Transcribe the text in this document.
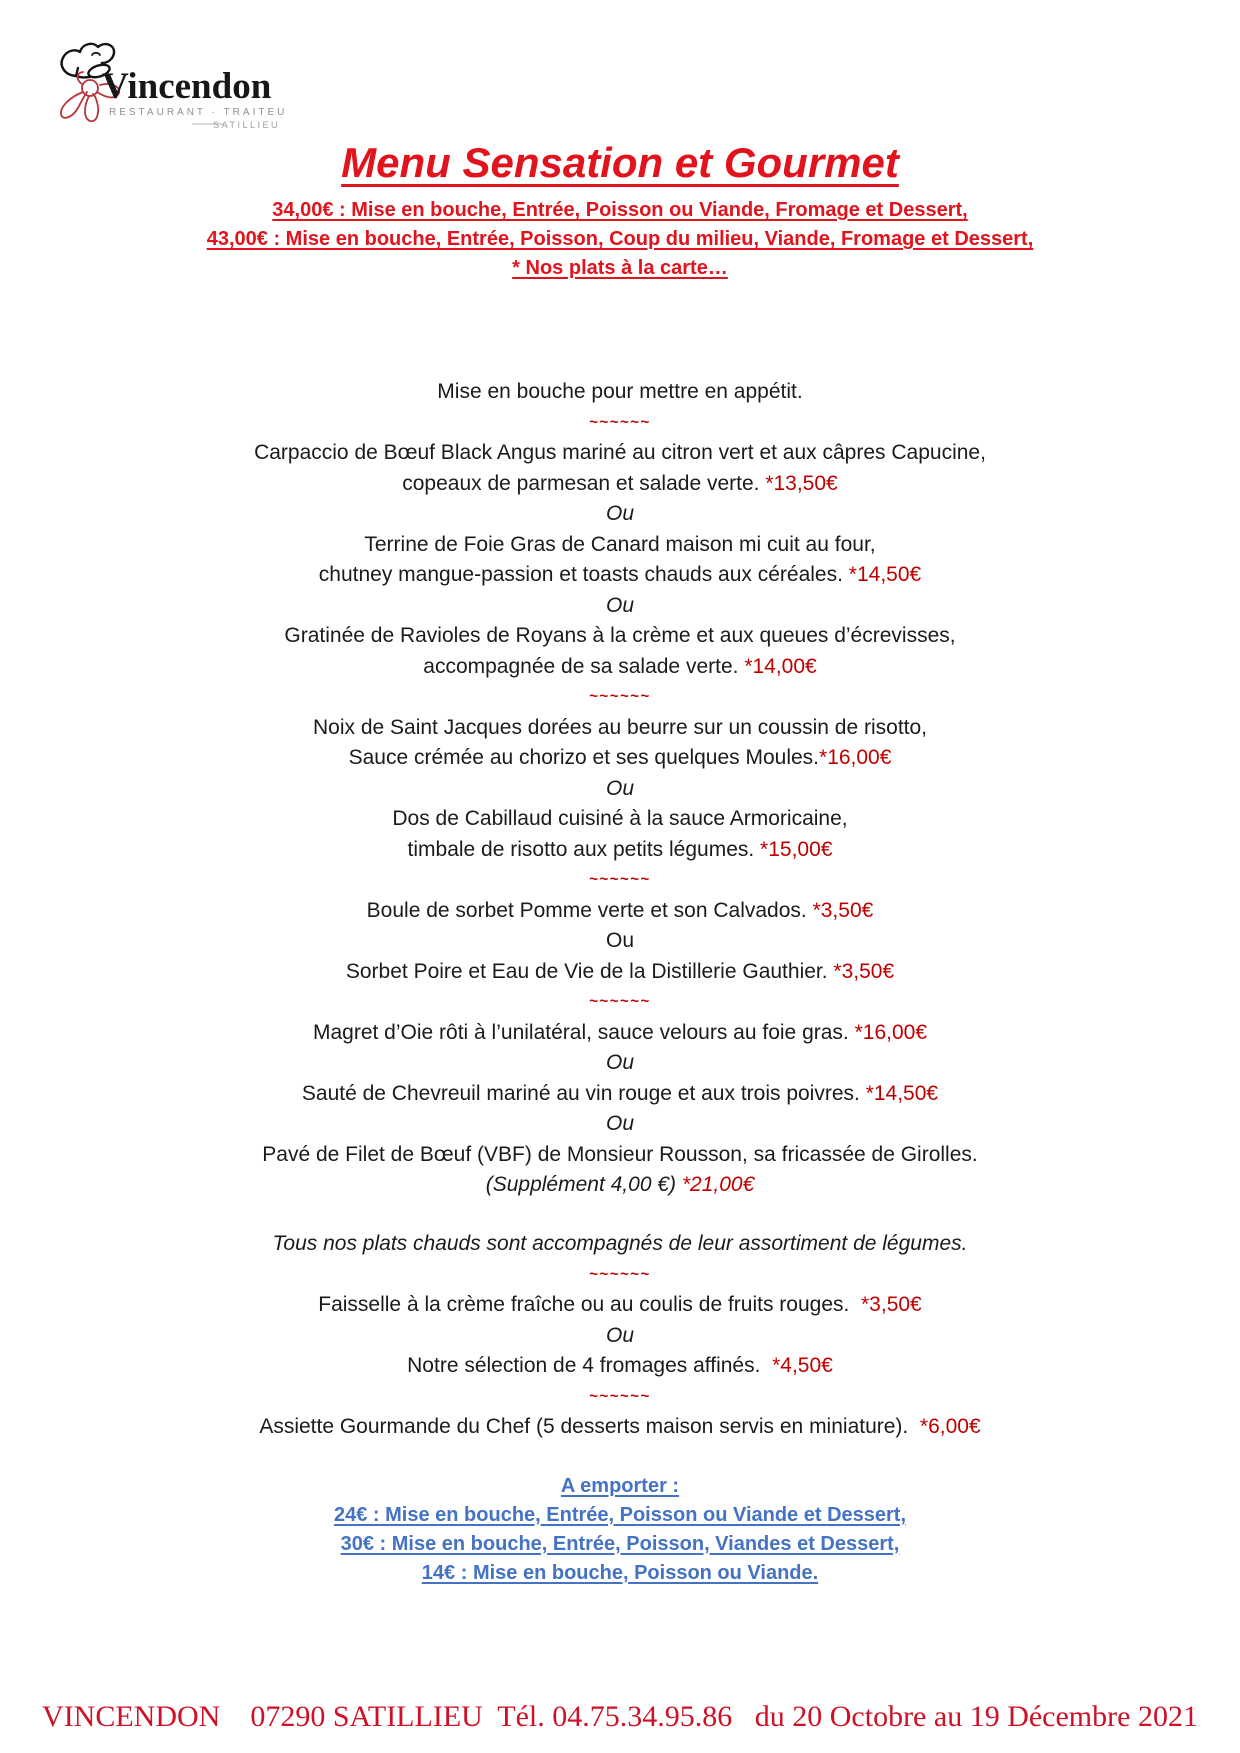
Vincendon
RESTAURANT · TRAITEUR
SATILLIEU
Menu Sensation et Gourmet
34,00€ : Mise en bouche, Entrée, Poisson ou Viande, Fromage et Dessert,
43,00€ : Mise en bouche, Entrée, Poisson, Coup du milieu, Viande, Fromage et Dessert,
* Nos plats à la carte…
Mise en bouche pour mettre en appétit.
~~~~~~
Carpaccio de Bœuf Black Angus mariné au citron vert et aux câpres Capucine,
copeaux de parmesan et salade verte. *13,50€
Ou
Terrine de Foie Gras de Canard maison mi cuit au four,
chutney mangue-passion et toasts chauds aux céréales. *14,50€
Ou
Gratinée de Ravioles de Royans à la crème et aux queues d’écrevisses,
accompagnée de sa salade verte. *14,00€
~~~~~~
Noix de Saint Jacques dorées au beurre sur un coussin de risotto,
Sauce crémée au chorizo et ses quelques Moules.*16,00€
Ou
Dos de Cabillaud cuisiné à la sauce Armoricaine,
timbale de risotto aux petits légumes. *15,00€
~~~~~~
Boule de sorbet Pomme verte et son Calvados. *3,50€
Ou
Sorbet Poire et Eau de Vie de la Distillerie Gauthier. *3,50€
~~~~~~
Magret d’Oie rôti à l’unilatéral, sauce velours au foie gras. *16,00€
Ou
Sauté de Chevreuil mariné au vin rouge et aux trois poivres. *14,50€
Ou
Pavé de Filet de Bœuf (VBF) de Monsieur Rousson, sa fricassée de Girolles.
(Supplément 4,00 €) *21,00€
Tous nos plats chauds sont accompagnés de leur assortiment de légumes.
~~~~~~
Faisselle à la crème fraîche ou au coulis de fruits rouges.  *3,50€
Ou
Notre sélection de 4 fromages affinés.  *4,50€
~~~~~~
Assiette Gourmande du Chef (5 desserts maison servis en miniature).  *6,00€
A emporter :
24€ : Mise en bouche, Entrée, Poisson ou Viande et Dessert,
30€ : Mise en bouche, Entrée, Poisson, Viandes et Dessert,
14€ : Mise en bouche, Poisson ou Viande.
VINCENDON    07290 SATILLIEU  Tél. 04.75.34.95.86   du 20 Octobre au 19 Décembre 2021
